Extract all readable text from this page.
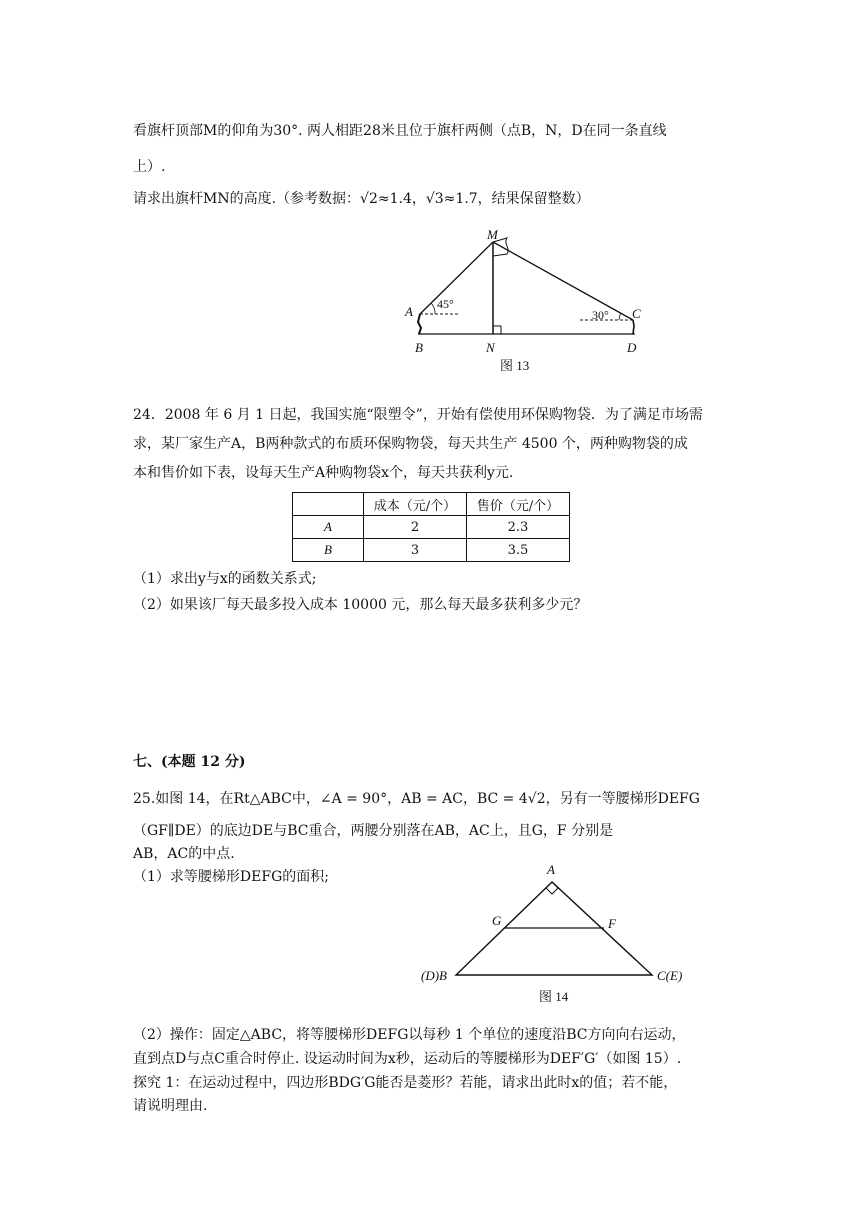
看旗杆顶部M的仰角为30°. 两人相距28米且位于旗杆两侧（点B，N，D在同一条直线
上）.
请求出旗杆MN的高度.（参考数据：√2≈1.4，√3≈1.7，结果保留整数）
M
A
B	N
C
D
45°
30°
图 13
24．2008 年 6 月 1 日起，我国实施“限塑令”，开始有偿使用环保购物袋．为了满足市场需
求，某厂家生产A，B两种款式的布质环保购物袋，每天共生产 4500 个，两种购物袋的成
本和售价如下表，设每天生产A种购物袋x个，每天共获利y元.
	成本（元/个）	售价（元/个）
A	2	2.3
B	3	3.5
（1）求出y与x的函数关系式;
（2）如果该厂每天最多投入成本 10000 元，那么每天最多获利多少元？
七、(本题 12 分)
25.如图 14，在Rt△ABC中，∠A = 90°，AB = AC，BC = 4√2，另有一等腰梯形DEFG
（GF∥DE）的底边DE与BC重合，两腰分别落在AB，AC上，且G，F 分别是
AB，AC的中点.
（1）求等腰梯形DEFG的面积;	A
G	F
(D)B	C(E)
图 14
（2）操作：固定△ABC，将等腰梯形DEFG以每秒 1 个单位的速度沿BC方向向右运动，
直到点D与点C重合时停止. 设运动时间为x秒，运动后的等腰梯形为DEF′G′（如图 15）.
探究 1：在运动过程中，四边形BDG′G能否是菱形？若能，请求出此时x的值；若不能，
请说明理由.
